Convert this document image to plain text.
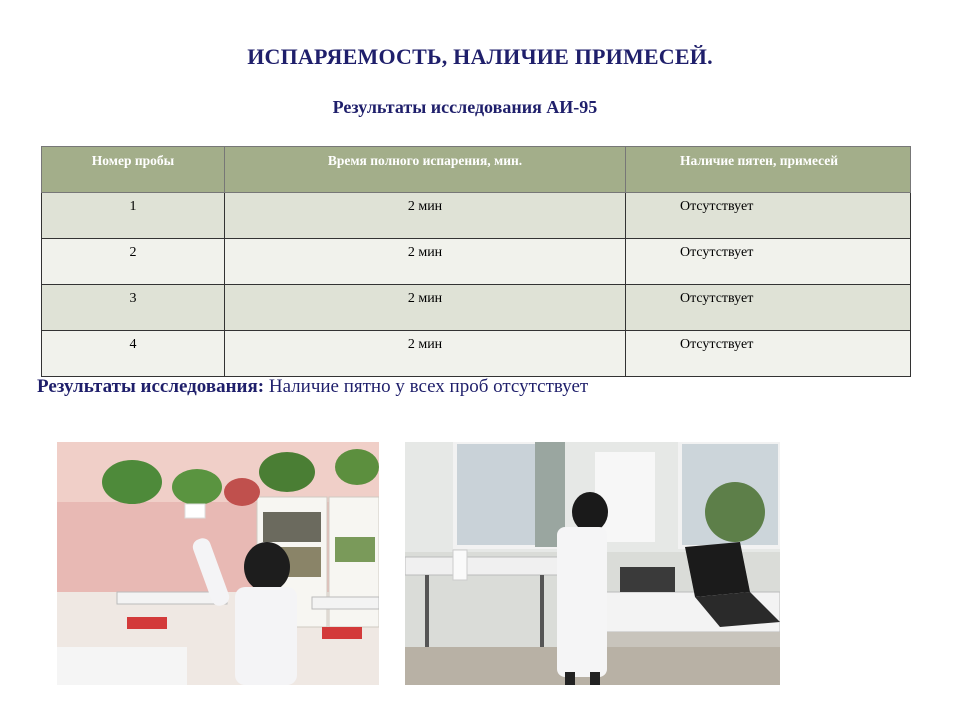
ИСПАРЯЕМОСТЬ, НАЛИЧИЕ ПРИМЕСЕЙ.
Результаты исследования АИ-95
Номер пробы	Время полного испарения, мин.	Наличие пятен, примесей
1	2 мин	Отсутствует
2	2 мин	Отсутствует
3	2 мин	Отсутствует
4	2 мин	Отсутствует
Результаты исследования: Наличие пятно у всех проб отсутствует
